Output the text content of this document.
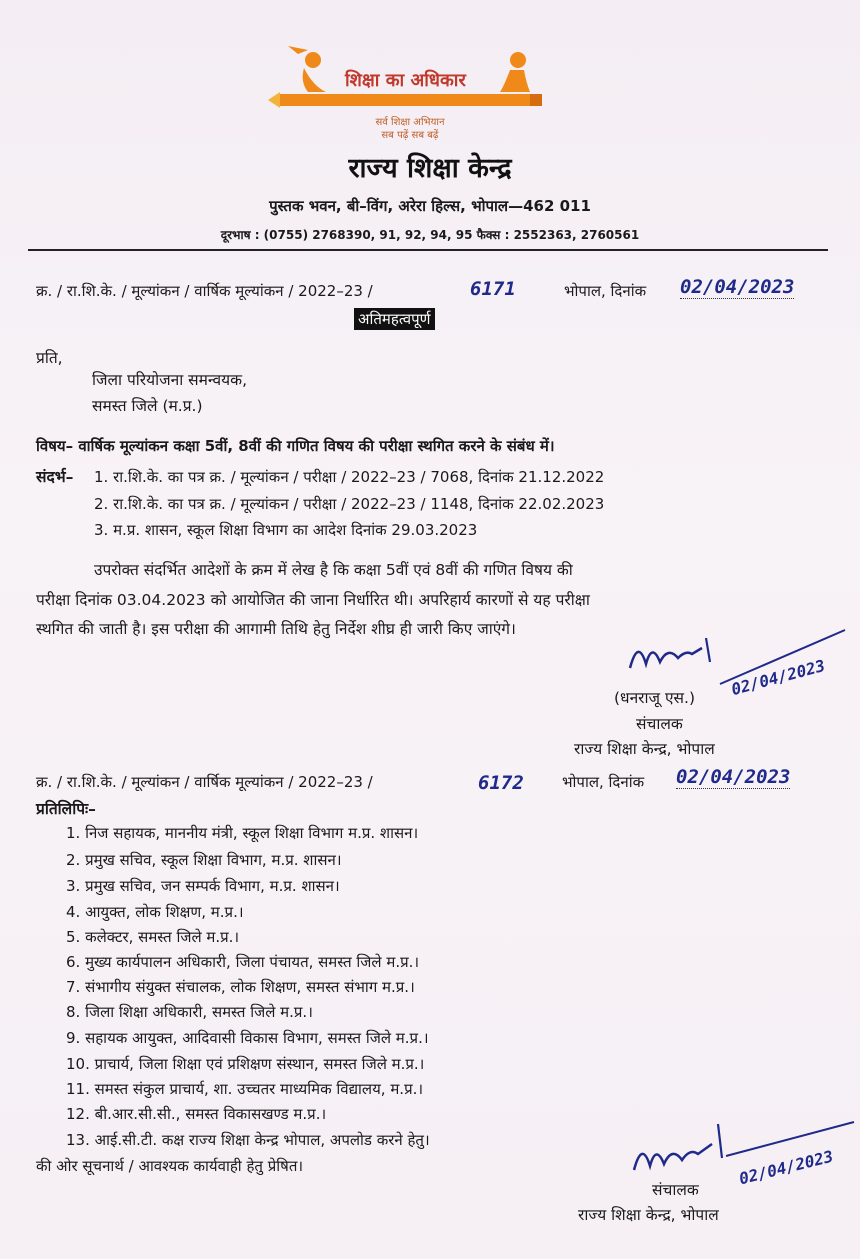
शिक्षा का अधिकार
सर्व शिक्षा अभियान
सब पढ़ें सब बढ़ें
राज्य शिक्षा केन्द्र
पुस्तक भवन, बी–विंग, अरेरा हिल्स, भोपाल—462 011
दूरभाष : (0755) 2768390, 91, 92, 94, 95 फैक्स : 2552363, 2760561
क्र. / रा.शि.के. / मूल्यांकन / वार्षिक मूल्यांकन / 2022–23 /	6171	भोपाल, दिनांक 02/04/2023
अतिमहत्वपूर्ण
प्रति,
जिला परियोजना समन्वयक,
समस्त जिले (म.प्र.)
विषय– वार्षिक मूल्यांकन कक्षा 5वीं, 8वीं की गणित विषय की परीक्षा स्थगित करने के संबंध में।
संदर्भ– 1. रा.शि.के. का पत्र क्र. / मूल्यांकन / परीक्षा / 2022–23 / 7068, दिनांक 21.12.2022
2. रा.शि.के. का पत्र क्र. / मूल्यांकन / परीक्षा / 2022–23 / 1148, दिनांक 22.02.2023
3. म.प्र. शासन, स्कूल शिक्षा विभाग का आदेश दिनांक 29.03.2023
उपरोक्त संदर्भित आदेशों के क्रम में लेख है कि कक्षा 5वीं एवं 8वीं की गणित विषय की
परीक्षा दिनांक 03.04.2023 को आयोजित की जाना निर्धारित थी। अपरिहार्य कारणों से यह परीक्षा
स्थगित की जाती है। इस परीक्षा की आगामी तिथि हेतु निर्देश शीघ्र ही जारी किए जाएंगे।
(धनराजू एस.) 02/04/2023
संचालक
राज्य शिक्षा केन्द्र, भोपाल
क्र. / रा.शि.के. / मूल्यांकन / वार्षिक मूल्यांकन / 2022–23 /	6172	भोपाल, दिनांक 02/04/2023
प्रतिलिपिः–
1. निज सहायक, माननीय मंत्री, स्कूल शिक्षा विभाग म.प्र. शासन।
2. प्रमुख सचिव, स्कूल शिक्षा विभाग, म.प्र. शासन।
3. प्रमुख सचिव, जन सम्पर्क विभाग, म.प्र. शासन।
4. आयुक्त, लोक शिक्षण, म.प्र.।
5. कलेक्टर, समस्त जिले म.प्र.।
6. मुख्य कार्यपालन अधिकारी, जिला पंचायत, समस्त जिले म.प्र.।
7. संभागीय संयुक्त संचालक, लोक शिक्षण, समस्त संभाग म.प्र.।
8. जिला शिक्षा अधिकारी, समस्त जिले म.प्र.।
9. सहायक आयुक्त, आदिवासी विकास विभाग, समस्त जिले म.प्र.।
10. प्राचार्य, जिला शिक्षा एवं प्रशिक्षण संस्थान, समस्त जिले म.प्र.।
11. समस्त संकुल प्राचार्य, शा. उच्चतर माध्यमिक विद्यालय, म.प्र.।
12. बी.आर.सी.सी., समस्त विकासखण्ड म.प्र.।
13. आई.सी.टी. कक्ष राज्य शिक्षा केन्द्र भोपाल, अपलोड करने हेतु।
की ओर सूचनार्थ / आवश्यक कार्यवाही हेतु प्रेषित।	02/04/2023
संचालक
राज्य शिक्षा केन्द्र, भोपाल
